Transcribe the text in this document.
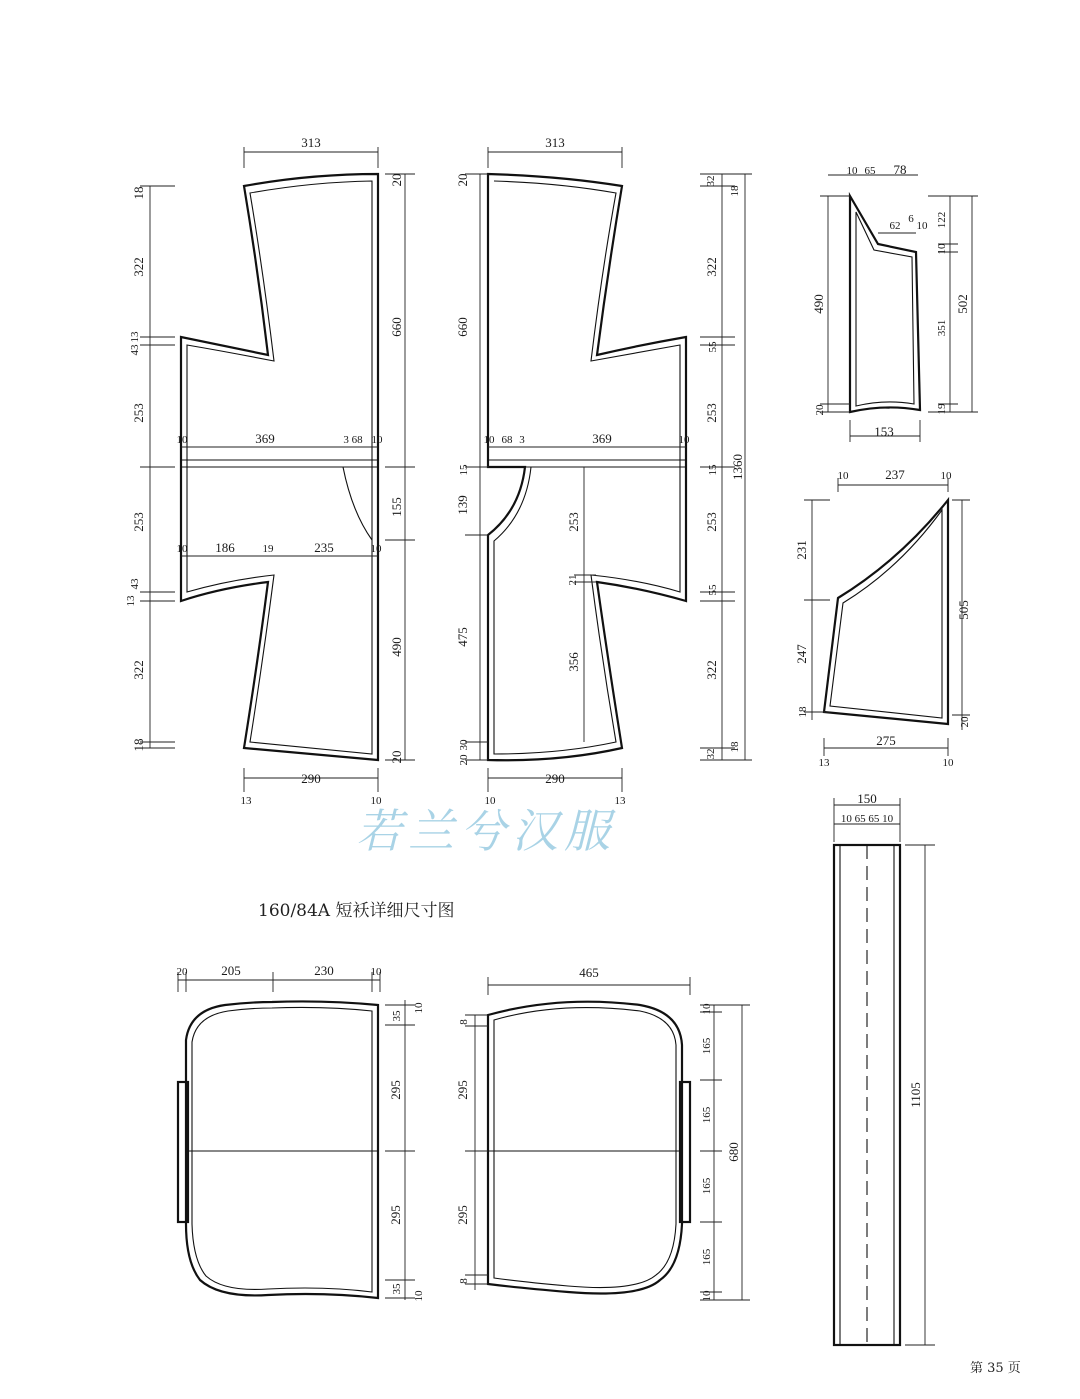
313
290
13	10
18
322
13
43
253
253
43
13
322
18
20
660
155
490
20
10	369	3 68 10
10 186	19	235	10
313
290
10	13
20
660
15
139
475
30
20
253
21
356
10 68 3	369	10
32
18
322
55
253
15
253
55
322
32
18
1360
10 65 78
62
6
10
490
20
122
10
351
19
502
153
10	237	10
231
247
18
505
20
275
13	10
150
10 65 65 10
1105
20	205	230	10
35
10
295
295
35
10
465
8
295
295
8
10
165
165
165
165
10
680
若兰兮汉服
160/84A 短袄详细尺寸图
第 35 页
